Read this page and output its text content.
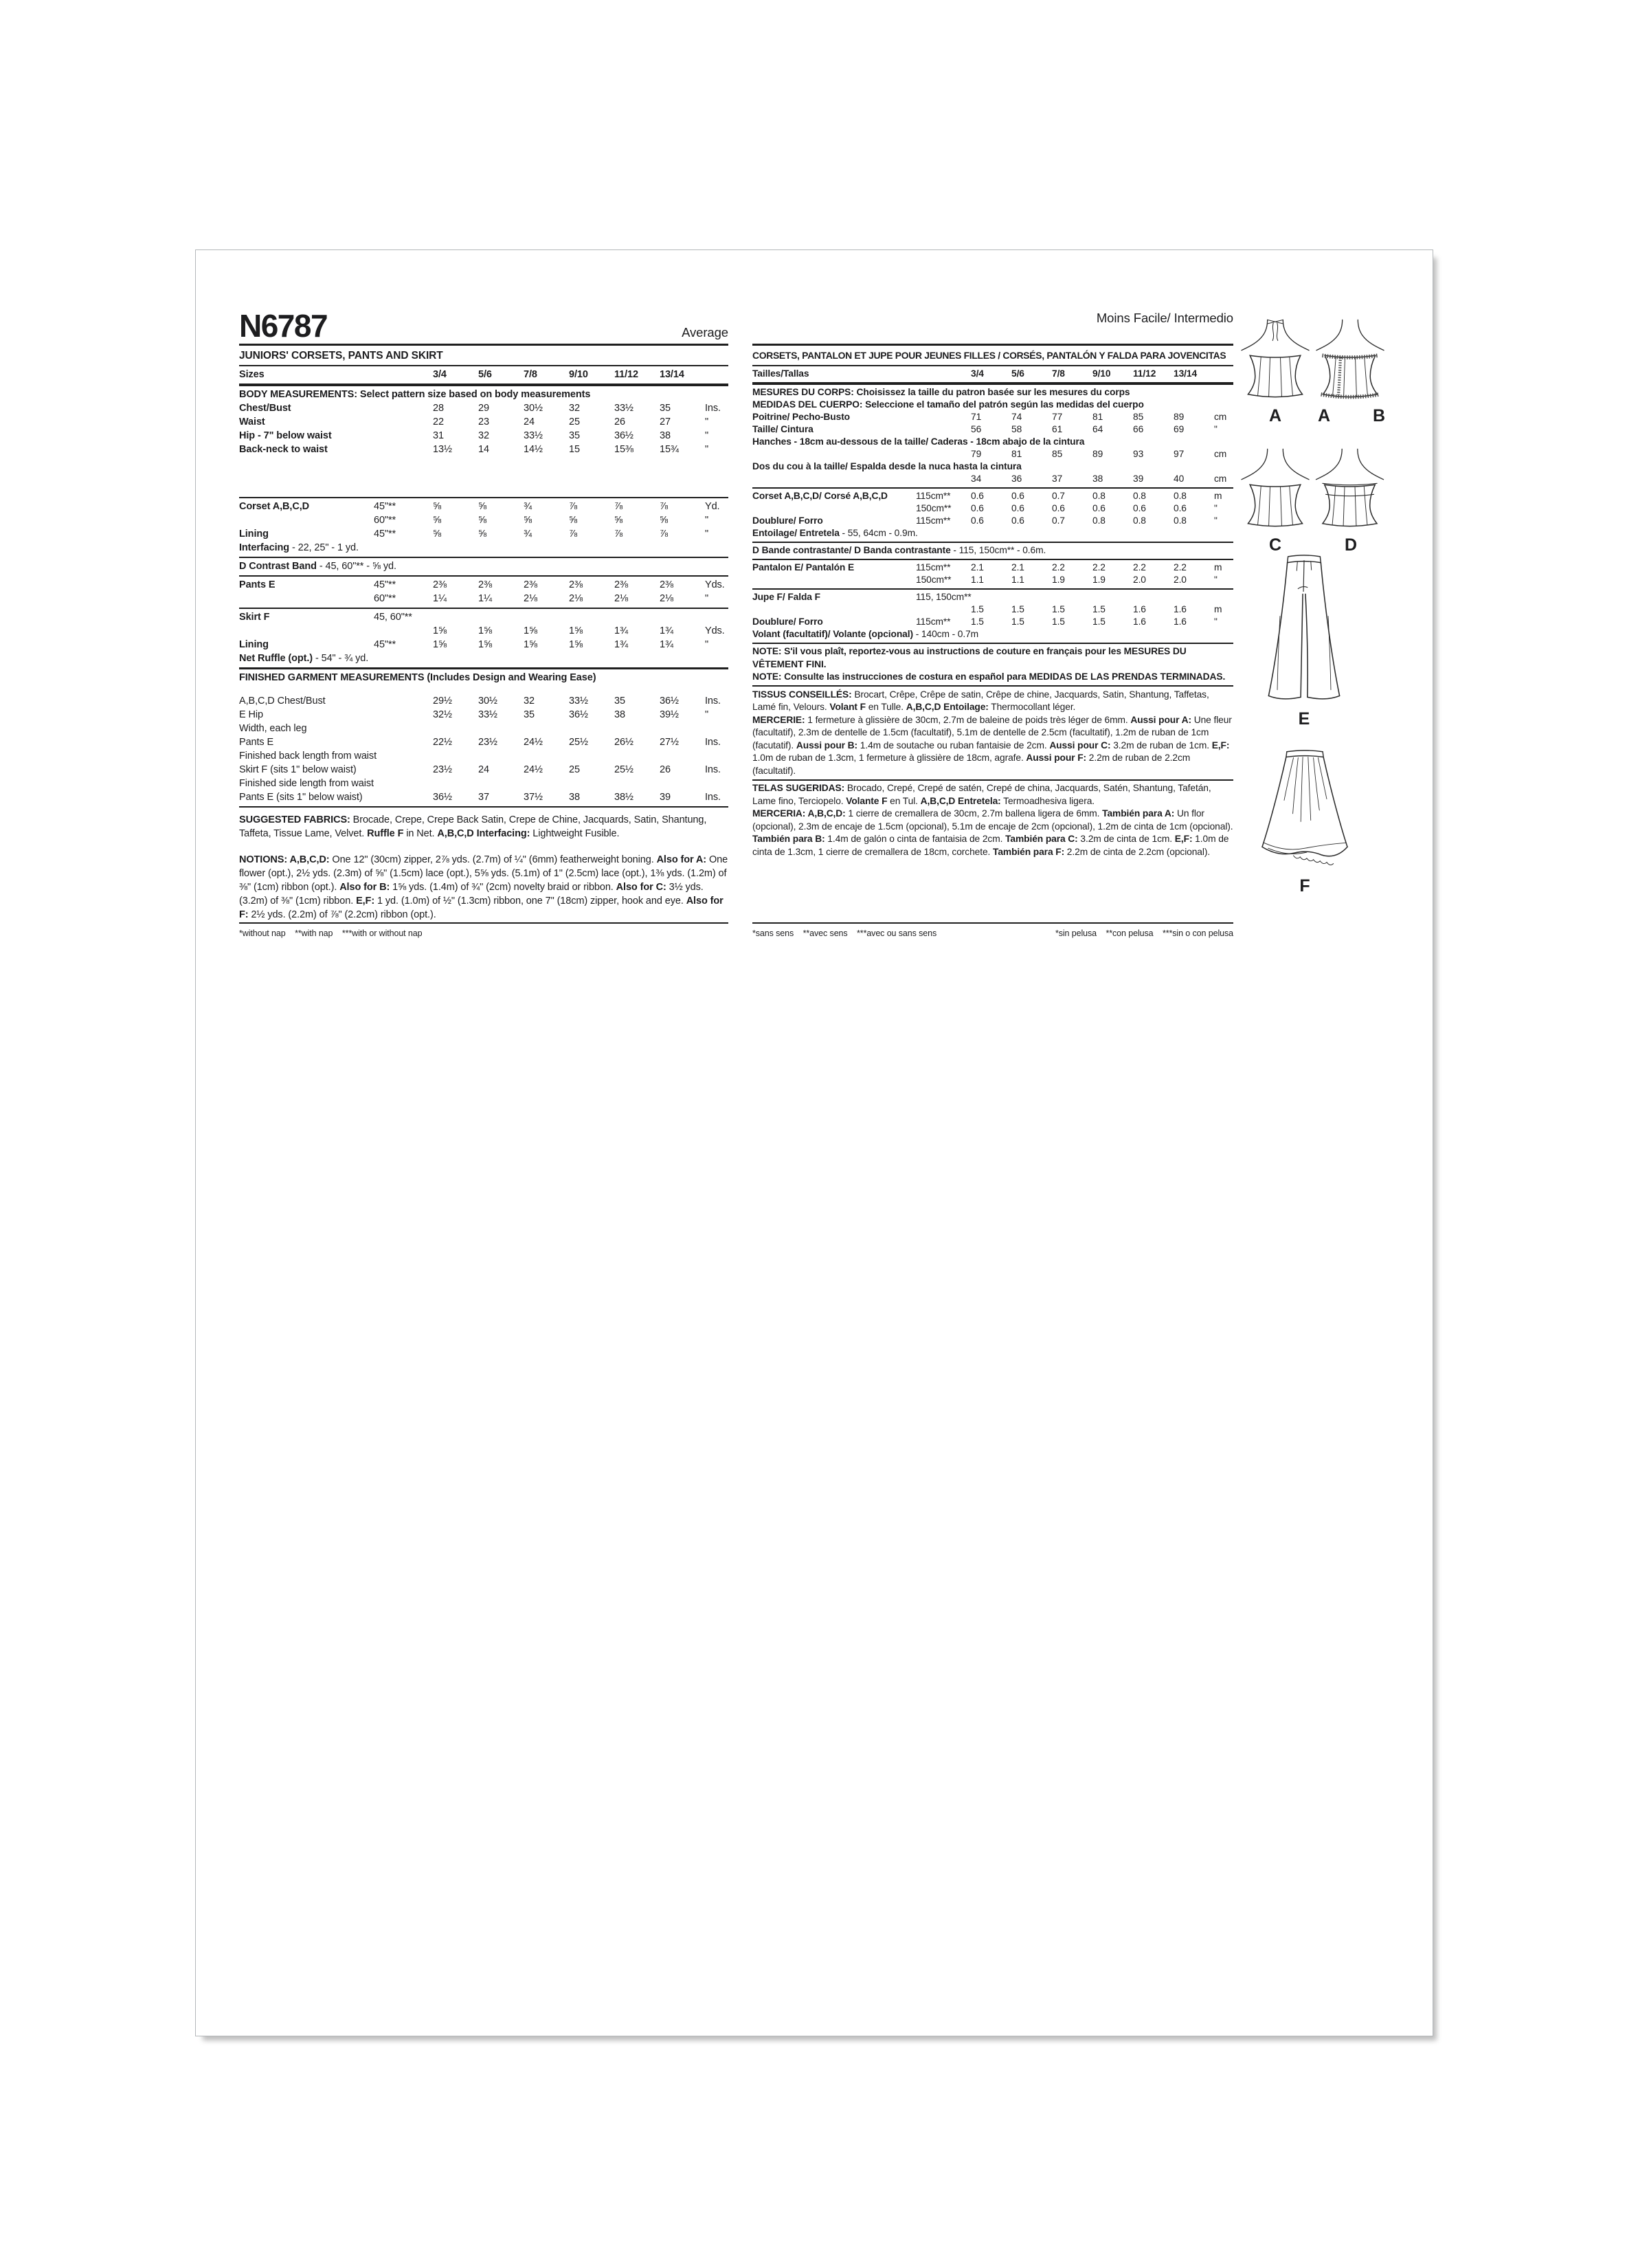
N6787	Average
JUNIORS' CORSETS, PANTS AND SKIRT
Sizes	3/4	5/6	7/8	9/10	11/12	13/14
BODY MEASUREMENTS: Select pattern size based on body measurements
Chest/Bust	28	29	30½	32	33½	35	Ins.
Waist	22	23	24	25	26	27	"
Hip - 7" below waist	31	32	33½	35	36½	38	"
Back-neck to waist	13½	14	14½	15	15⅜	15¾	"
Corset A,B,C,D	45"**	⅝	⅝	¾	⅞	⅞	⅞	Yd.
60"**	⅝	⅝	⅝	⅝	⅝	⅝	"
Lining	45"**	⅝	⅝	¾	⅞	⅞	⅞	"
Interfacing - 22, 25" - 1 yd.
D Contrast Band - 45, 60"** - ⅝ yd.
Pants E	45"**	2⅜	2⅜	2⅜	2⅜	2⅜	2⅜	Yds.
60"**	1¼	1¼	2⅛	2⅛	2⅛	2⅛	"
Skirt F	45, 60"**
1⅝	1⅝	1⅝	1⅝	1¾	1¾	Yds.
Lining	45"**	1⅝	1⅝	1⅝	1⅝	1¾	1¾	"
Net Ruffle (opt.) - 54" - ¾ yd.
FINISHED GARMENT MEASUREMENTS (Includes Design and Wearing Ease)
A,B,C,D Chest/Bust	29½	30½	32	33½	35	36½	Ins.
E Hip	32½	33½	35	36½	38	39½	"
Width, each leg
Pants E	22½	23½	24½	25½	26½	27½	Ins.
Finished back length from waist
Skirt F (sits 1" below waist)	23½	24	24½	25	25½	26	Ins.
Finished side length from waist
Pants E (sits 1" below waist)	36½	37	37½	38	38½	39	Ins.

SUGGESTED FABRICS: Brocade, Crepe, Crepe Back Satin, Crepe de Chine, Jacquards, Satin, Shantung, Taffeta, Tissue Lame, Velvet. Ruffle F in Net. A,B,C,D Interfacing: Lightweight Fusible.

NOTIONS: A,B,C,D: One 12" (30cm) zipper, 2⅞ yds. (2.7m) of ¼" (6mm) featherweight boning. Also for A: One flower (opt.), 2½ yds. (2.3m) of ⅝" (1.5cm) lace (opt.), 5⅝ yds. (5.1m) of 1" (2.5cm) lace (opt.), 1⅜ yds. (1.2m) of ⅜" (1cm) ribbon (opt.). Also for B: 1⅝ yds. (1.4m) of ¾" (2cm) novelty braid or ribbon. Also for C: 3½ yds. (3.2m) of ⅜" (1cm) ribbon. E,F: 1 yd. (1.0m) of ½" (1.3cm) ribbon, one 7" (18cm) zipper, hook and eye. Also for F: 2½ yds. (2.2m) of ⅞" (2.2cm) ribbon (opt.).

*without nap    **with nap    ***with or without nap
Moins Facile/ Intermedio
CORSETS, PANTALON ET JUPE POUR JEUNES FILLES / CORSÉS, PANTALÓN Y FALDA PARA JOVENCITAS
Tailles/Tallas	3/4	5/6	7/8	9/10	11/12	13/14
MESURES DU CORPS: Choisissez la taille du patron basée sur les mesures du corps
MEDIDAS DEL CUERPO: Seleccione el tamaño del patrón según las medidas del cuerpo
Poitrine/ Pecho-Busto	71	74	77	81	85	89	cm
Taille/ Cintura	56	58	61	64	66	69	"
Hanches - 18cm au-dessous de la taille/ Caderas - 18cm abajo de la cintura
79	81	85	89	93	97	cm
Dos du cou à la taille/ Espalda desde la nuca hasta la cintura
34	36	37	38	39	40	cm
Corset A,B,C,D/ Corsé A,B,C,D	115cm**	0.6	0.6	0.7	0.8	0.8	0.8	m
150cm**	0.6	0.6	0.6	0.6	0.6	0.6	"
Doublure/ Forro	115cm**	0.6	0.6	0.7	0.8	0.8	0.8	"
Entoilage/ Entretela - 55, 64cm - 0.9m.
D Bande contrastante/ D Banda contrastante - 115, 150cm** - 0.6m.
Pantalon E/ Pantalón E	115cm**	2.1	2.1	2.2	2.2	2.2	2.2	m
150cm**	1.1	1.1	1.9	1.9	2.0	2.0	"
Jupe F/ Falda F	115, 150cm**
1.5	1.5	1.5	1.5	1.6	1.6	m
Doublure/ Forro	115cm**	1.5	1.5	1.5	1.5	1.6	1.6	"
Volant (facultatif)/ Volante (opcional) - 140cm - 0.7m

NOTE: S'il vous plaît, reportez-vous au instructions de couture en français pour les MESURES DU VÊTEMENT FINI.

NOTE: Consulte las instrucciones de costura en español para MEDIDAS DE LAS PRENDAS TERMINADAS.

TISSUS CONSEILLÉS: Brocart, Crêpe, Crêpe de satin, Crêpe de chine, Jacquards, Satin, Shantung, Taffetas, Lamé fin, Velours. Volant F en Tulle. A,B,C,D Entoilage: Thermocollant léger.

MERCERIE: 1 fermeture à glissière de 30cm, 2.7m de baleine de poids très léger de 6mm. Aussi pour A: Une fleur (facultatif), 2.3m de dentelle de 1.5cm (facultatif), 5.1m de dentelle de 2.5cm (facultatif), 1.2m de ruban de 1cm (facutatif). Aussi pour B: 1.4m de soutache ou ruban fantaisie de 2cm. Aussi pour C: 3.2m de ruban de 1cm. E,F: 1.0m de ruban de 1.3cm, 1 fermeture à glissière de 18cm, agrafe. Aussi pour F: 2.2m de ruban de 2.2cm (facultatif).

TELAS SUGERIDAS: Brocado, Crepé, Crepé de satén, Crepé de china, Jacquards, Satén, Shantung, Tafetán, Lame fino, Terciopelo. Volante F en Tul. A,B,C,D Entretela: Termoadhesiva ligera.

MERCERIA: A,B,C,D: 1 cierre de cremallera de 30cm, 2.7m ballena ligera de 6mm. También para A: Un flor (opcional), 2.3m de encaje de 1.5cm (opcional), 5.1m de encaje de 2cm (opcional), 1.2m de cinta de 1cm (opcional). También para B: 1.4m de galón o cinta de fantaisia de 2cm. También para C: 3.2m de cinta de 1cm. E,F: 1.0m de cinta de 1.3cm, 1 cierre de cremallera de 18cm, corchete. También para F: 2.2m de cinta de 2.2cm (opcional).

*sans sens    **avec sens    ***avec ou sans sens	*sin pelusa    **con pelusa    ***sin o con pelusa
A	A B
C	D
E
F
